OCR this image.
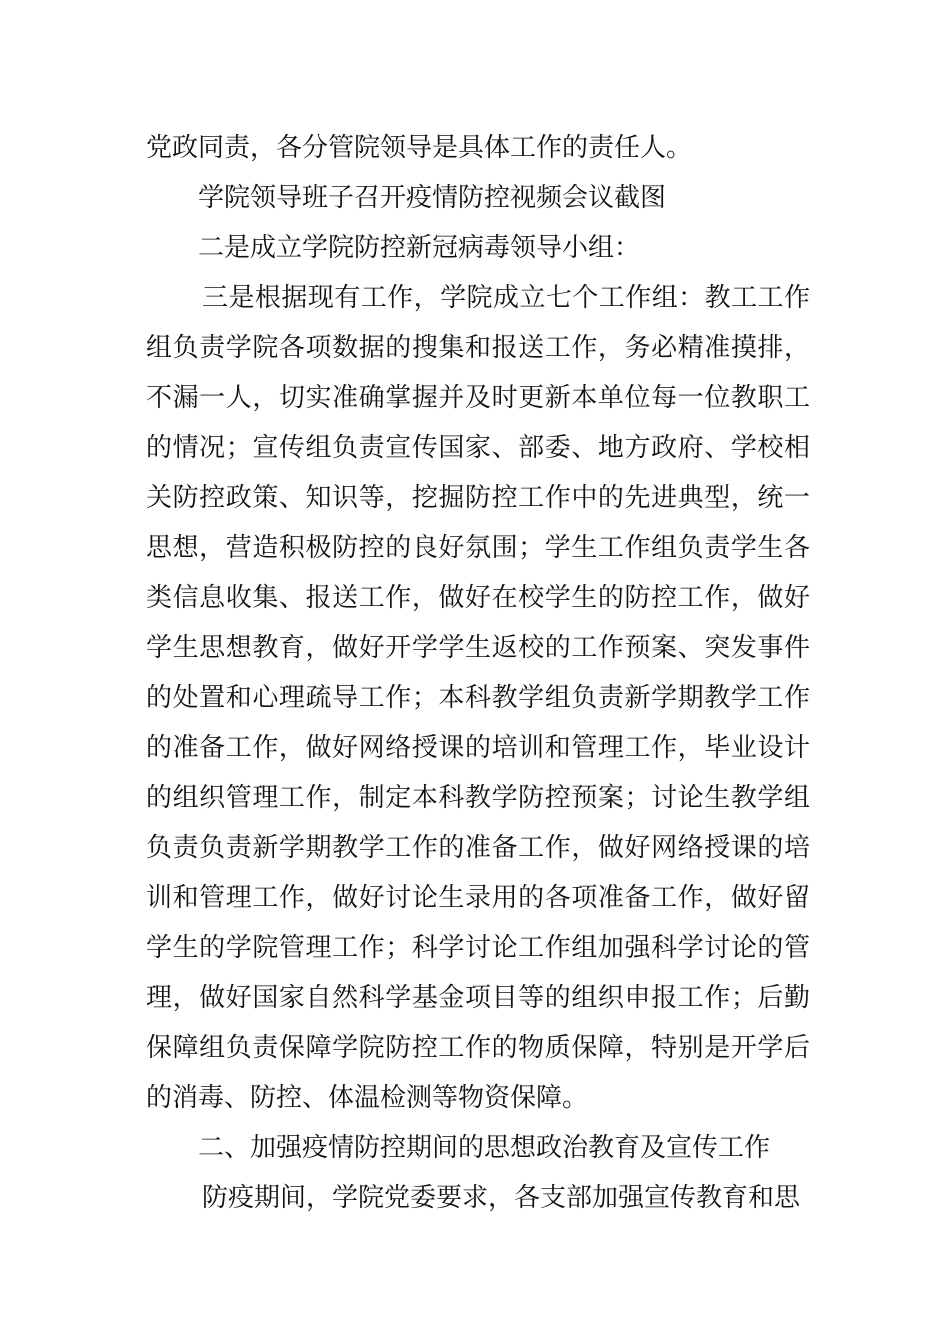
党政同责，各分管院领导是具体工作的责任人。

学院领导班子召开疫情防控视频会议截图

二是成立学院防控新冠病毒领导小组：

三是根据现有工作，学院成立七个工作组：教工工作组负责学院各项数据的搜集和报送工作，务必精准摸排，不漏一人，切实准确掌握并及时更新本单位每一位教职工的情况；宣传组负责宣传国家、部委、地方政府、学校相关防控政策、知识等，挖掘防控工作中的先进典型，统一思想，营造积极防控的良好氛围；学生工作组负责学生各类信息收集、报送工作，做好在校学生的防控工作，做好学生思想教育，做好开学学生返校的工作预案、突发事件的处置和心理疏导工作；本科教学组负责新学期教学工作的准备工作，做好网络授课的培训和管理工作，毕业设计的组织管理工作，制定本科教学防控预案；讨论生教学组负责负责新学期教学工作的准备工作，做好网络授课的培训和管理工作，做好讨论生录用的各项准备工作，做好留学生的学院管理工作；科学讨论工作组加强科学讨论的管理，做好国家自然科学基金项目等的组织申报工作；后勤保障组负责保障学院防控工作的物质保障，特别是开学后的消毒、防控、体温检测等物资保障。

二、加强疫情防控期间的思想政治教育及宣传工作

防疫期间，学院党委要求，各支部加强宣传教育和思
